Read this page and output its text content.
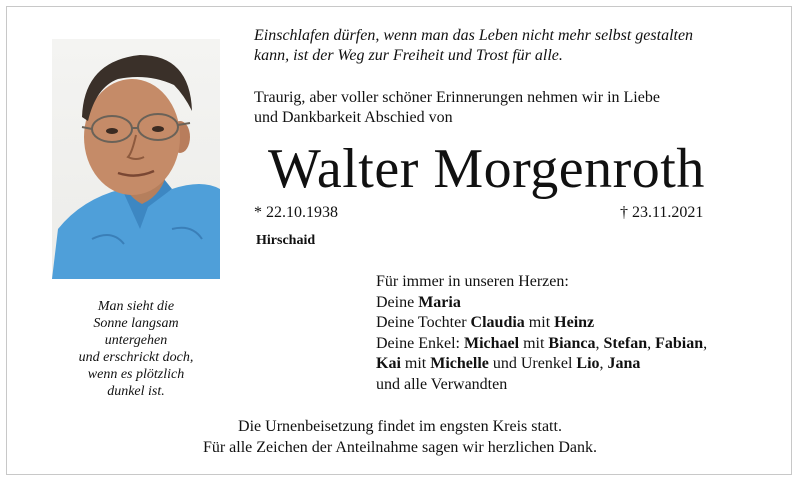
Einschlafen dürfen, wenn man das Leben nicht mehr selbst gestalten
kann, ist der Weg zur Freiheit und Trost für alle.
Traurig, aber voller schöner Erinnerungen nehmen wir in Liebe
und Dankbarkeit Abschied von
Walter Morgenroth
* 22.10.1938	† 23.11.2021
Hirschaid
Man sieht die
Sonne langsam
untergehen
und erschrickt doch,
wenn es plötzlich
dunkel ist.
Für immer in unseren Herzen:
Deine Maria
Deine Tochter Claudia mit Heinz
Deine Enkel: Michael mit Bianca, Stefan, Fabian,
Kai mit Michelle und Urenkel Lio, Jana
und alle Verwandten
Die Urnenbeisetzung findet im engsten Kreis statt.
Für alle Zeichen der Anteilnahme sagen wir herzlichen Dank.
